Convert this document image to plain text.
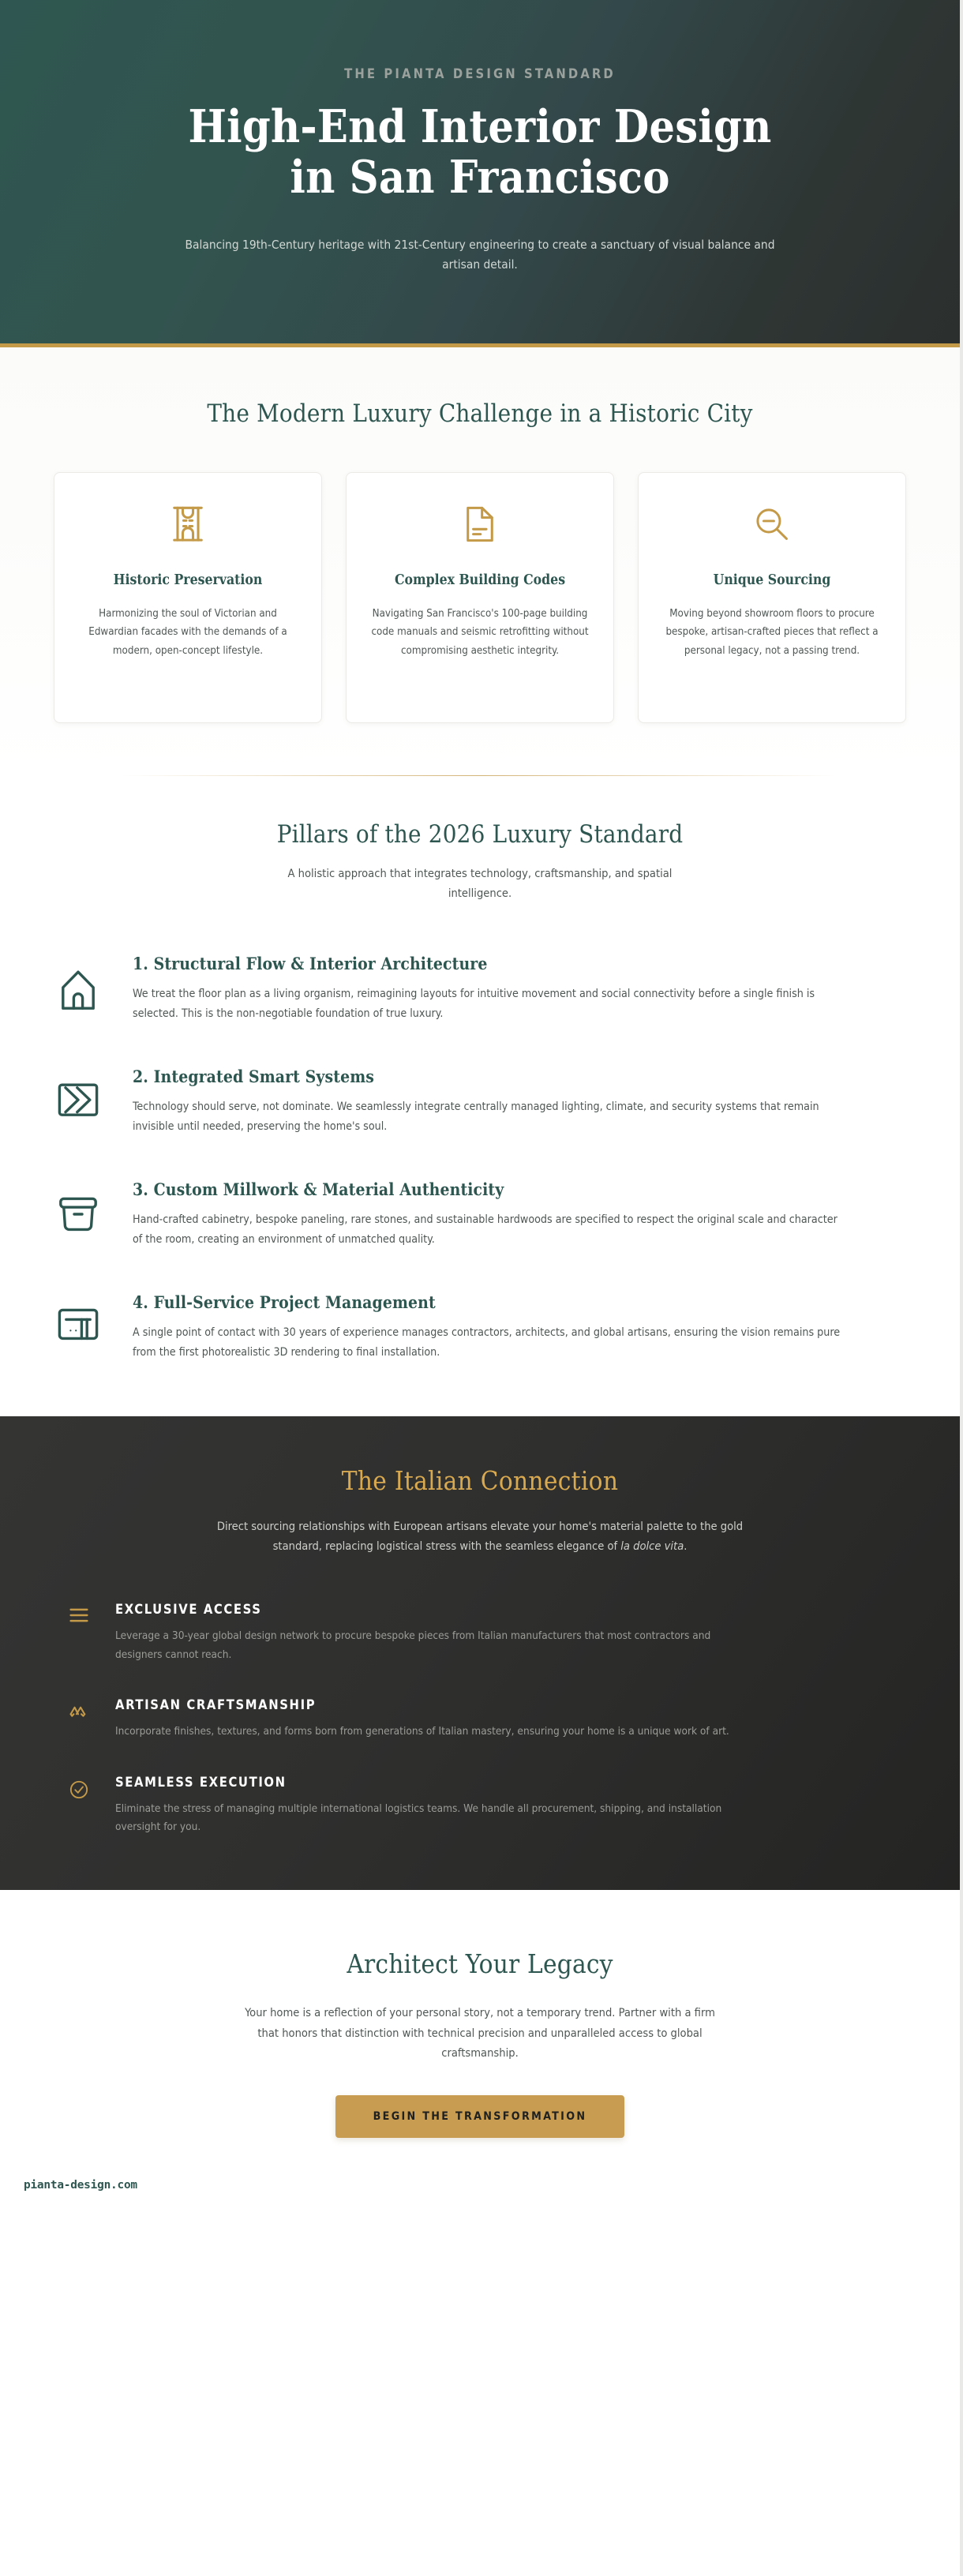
THE PIANTA DESIGN STANDARD
High-End Interior Design in San Francisco

Balancing 19th-Century heritage with 21st-Century engineering to create a sanctuary of visual balance and artisan detail.

The Modern Luxury Challenge in a Historic City
Historic Preservation
Harmonizing the soul of Victorian and Edwardian facades with the demands of a modern, open-concept lifestyle.
Complex Building Codes
Navigating San Francisco's 100-page building code manuals and seismic retrofitting without compromising aesthetic integrity.
Unique Sourcing
Moving beyond showroom floors to procure bespoke, artisan-crafted pieces that reflect a personal legacy, not a passing trend.
Pillars of the 2026 Luxury Standard

A holistic approach that integrates technology, craftsmanship, and spatial intelligence.

1. Structural Flow & Interior Architecture

We treat the floor plan as a living organism, reimagining layouts for intuitive movement and social connectivity before a single finish is selected. This is the non-negotiable foundation of true luxury.

2. Integrated Smart Systems

Technology should serve, not dominate. We seamlessly integrate centrally managed lighting, climate, and security systems that remain invisible until needed, preserving the home's soul.

3. Custom Millwork & Material Authenticity

Hand-crafted cabinetry, bespoke paneling, rare stones, and sustainable hardwoods are specified to respect the original scale and character of the room, creating an environment of unmatched quality.

4. Full-Service Project Management

A single point of contact with 30 years of experience manages contractors, architects, and global artisans, ensuring the vision remains pure from the first photorealistic 3D rendering to final installation.

The Italian Connection

Direct sourcing relationships with European artisans elevate your home's material palette to the gold standard, replacing logistical stress with the seamless elegance of la dolce vita.

EXCLUSIVE ACCESS
Leverage a 30-year global design network to procure bespoke pieces from Italian manufacturers that most contractors and designers cannot reach.
ARTISAN CRAFTSMANSHIP
Incorporate finishes, textures, and forms born from generations of Italian mastery, ensuring your home is a unique work of art.
SEAMLESS EXECUTION
Eliminate the stress of managing multiple international logistics teams. We handle all procurement, shipping, and installation oversight for you.
Architect Your Legacy

Your home is a reflection of your personal story, not a temporary trend. Partner with a firm that honors that distinction with technical precision and unparalleled access to global craftsmanship.

BEGIN THE TRANSFORMATION
pianta-design.com
